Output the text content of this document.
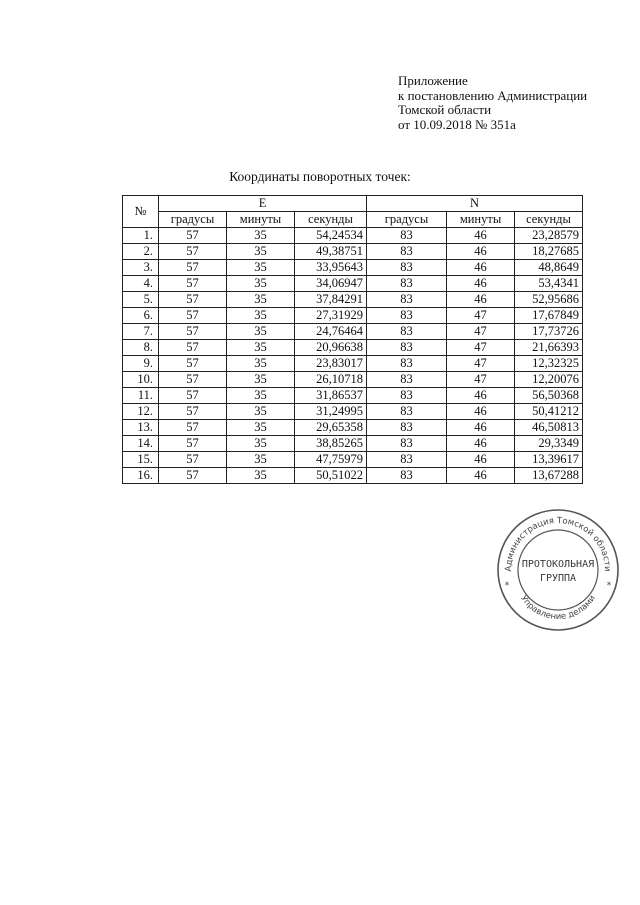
Приложение
к постановлению Администрации
Томской области
от 10.09.2018 № 351а
Координаты поворотных точек:
№	E			N		
	градусы	минуты	секунды	градусы	минуты	секунды
1.	57	35	54,24534	83	46	23,28579
2.	57	35	49,38751	83	46	18,27685
3.	57	35	33,95643	83	46	48,8649
4.	57	35	34,06947	83	46	53,4341
5.	57	35	37,84291	83	46	52,95686
6.	57	35	27,31929	83	47	17,67849
7.	57	35	24,76464	83	47	17,73726
8.	57	35	20,96638	83	47	21,66393
9.	57	35	23,83017	83	47	12,32325
10.	57	35	26,10718	83	47	12,20076
11.	57	35	31,86537	83	46	56,50368
12.	57	35	31,24995	83	46	50,41212
13.	57	35	29,65358	83	46	46,50813
14.	57	35	38,85265	83	46	29,3349
15.	57	35	47,75979	83	46	13,39617
16.	57	35	50,51022	83	46	13,67288
Администрация Томской области
Управление делами
ПРОТОКОЛЬНАЯ
ГРУППА
*	*
